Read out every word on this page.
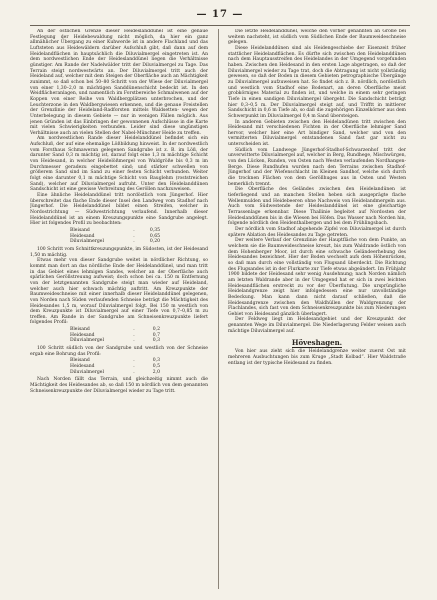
— 17 —

An der östlichen Grenze dieser Heideslanddünel ist eine genaue Festlegung der Heidebewaldung nicht möglich, da hier ein ganz allmählicher Übergang zu einer Kuhwerde ist in andere Flachland und das Luftsteten aus Heidewäldern darüber Aufschluß gibt, daß dann auf dem Heidelandflächen in hauptsächlich die Diluvialmergel eingetreten ist. An dem nordwestlichen Ende der Heideslanddünel liegen die Verhältnisse günstiger. Am Rande der Nadelwälder tritt der Diluvialmergel zu Tage. Das Terrain steigt nordwestwärts an. Der Diluvialmergel tritt auch der Heideland auf, welcher mit dem Steigen der Oberfläche auch an Mächtigkeit zunimmt, so daß schon bei 50–80 Schritt von der Wiese der Diluvialmergel von einer 1,30–2,0 m mächtigen Sanddünenschicht bedeckt ist. In den Weidflächeranlagen, und namentlich im Forstbereiche Schmalwenen auf der Koppen von einer Reihe von Waldbergplätzen unterbrochen, und der Leuchterzone in den Waldbergwiesen erkennen, und die genaue Freistellen der Grenzlinie der Heideland-Radforsten mittels Waldsetten- wegen der Unterbelegung in diesem Gebiete — nur in wenigen Fällen möglich. Aus jenen Gründen ist das Einbringen der gewonnenen Aufschlüsse in die Karte mit vielen Schwierigkeiten verbunden. Leider sind diese ungünstigen Verhältnisse auch an vielen Stellen der Nabel-Münchner Heide zu treffen.

Am nordwestlichen Rande dieser Heidelanddünel befindet sich ein Aufschluß, der auf eine ehemalige Lößbildung hinweist. In der nordwestlich vom Forsthaus Schmaweran gelegenen Sandgrube ist z. B. im Löß, der darunter Sand 0,3 m mächtig ist, darauf folgt eine 1,3 m mächtige Schicht von Heidesand, in welcher Heidelößmergel von Waldgröße bis 0,3 m im Durchmesser geradezu eingebettet sind; und stärker schwellen von größerem Sand sind im Sand zu einer festen Schicht verbunden. Weiter folgt eine darunter 0,1 m mächtige Schicht von Bauglehm (roststreichen Sand), welcher auf Diluvialmergel aufruht. Unter den Heidelanddünen Sandschicht ist eine gewisse Verbreitung des Geröllen nachzuweisen.

Eine ähnliche Heidelanddünel tritt nordöstlich vom Jüngerhof. Hier überschreitet das flache Ende dieser Insel den Landweg vom Stadhof nach Jüngerhof. Die Heidelanddünel bildet einen Streifen, welcher in Nordostrichtung — Südwestrichtung verlaufend. Innerhalb dieser Heidelanddünel ist an einem Kreuzungspunkte eine Sandgrube angelegt. Hier ist folgendes Profil zu beobachten:

Bleisand	.	0,35
Heidesand	.	0,65
Diluvialmergel	.	0,20

100 Schritt vom Schnittkreuzungspunkte, im Südosten, ist der Heidesand 1,50 m mächtig.

Etwas mehr von dieser Sandgrube weitet in nördlicher Richtung, so kommt man dort an das nördliche Ende der Heidelanddünel, und man tritt in das Gebiet eines lehmigen Sandes, welcher an der Oberfläche auch spärlichen Geröllstreuung aufweist; doch schon bei ca. 150 m Entfernung von der letztgenannten Sandgrube steigt man wieder auf Heideland, welcher auch hier schwach mächtig auftritt. Am Kreuzpunkte der Baumweideschneise mit einer innerhalb dieser Heidelanddünel gelegenen, von Norden nach Süden verlaufenden Schneise beträgt die Mächtigkeit des Heidesandes 1,5 m, worauf Diluvialmergel folgt. Bei 150 m westlich von dem Kreuzpunkte ist Diluvialmergel auf einer Tiefe von 0,7–0,85 m zu treffen. Am Rande in der Sandgrube am Schneisenkreuzpunkte liefert folgendes Profil:

Bleisand	.	0,2
Heidesand	.	0,7
Diluvialmergel	.	0,3

100 Schritt südlich von der Sandgrube und westlich von der Schneise ergab eine Bohrung das Profil:

Bleisand	.	0,3
Heidesand	.	0,5
Diluvialmergel	.	2,0

Nach Norden fällt das Terrain, und gleichzeitig nimmt auch die Mächtigkeit des Heidesandes ab, so daß 150 m nördlich von dem genannten Schneisenkreuzpunkte der Diluvialmergel wieder zu Tage tritt.

Die letzte Heidelanddünel, welche den vorher genannten an Größe bei weitem nachsteht, ist südlich vom Südlichen Ende der Baumweideschneise gelegen.

Diese Heidelanddünen sind als Heidengeschiebe der Eisenzeit früher stattlicher Heidelandflächen. Es dürfte sich zwischen den Heidelanddünen nach dem Hauptausstreifen des Heidelandes in der Umgegend vorgefunden haben. Zwischen den Heidesand in den ersten Lage abgetragen, so daß der Diluvialmergel wieder zu Tage trat, doch die Abtragung ist nicht vollständig gewesen, so daß der Boden in diesem Gebieten petrographische Übergänge zu Diluvialmergel aufzuweisen hat. So findet sich z. B. nördlich, nordöstlich und westlich vom Stadhof eine Bodenart, an deren Oberfläche meist grobkörniges Material zu finden ist, und welche in einem sehr geringen Tiefe in einen sandigen Diluvialmergel übergeht. Die Sandschicht beträgt hier 0,3–0,5 m. Der Diluvialmergel steigt auf, und Trifftt in mittlerer Sandschicht in 0,6 m Tiefe ab, so daß die zugehörigen Einzelkörner aus dem Schwerpunkt im Diluvialmergel 0,4 m Sand übersteigen.

In anderen Gebieten zwischen den Heidelandünen tritt zwischen den Heidesand mit verschiedenen Fichten in der Oberfläche lehmiger Sand hervor, welcher hier eine Art bindiger Sand, welcher und von den vermitterten Diluvialmergel entstandenen Sand fast gar nicht zu unterscheiden ist.

Südlich vom Landwege Jüngerhof-Stadhof-Schwarzenhof tritt der unverwitterte Diluvialmergel auf, welcher in Berg, Rundhege, Mischwürgen, von den Lücken, Runden, von Osten nach Westen verlaufenden Nordhangen-Berge. Diese Rundhufen wurden nach den Terrains zwischen Stadhof-Jüngerhof und der Wiefenschlacht im Kleinen Sandhof, welche sich durch die trocknen Flächen von dem Geröllhuges aus in Osten und Westen bemerklich trennt.

Die Oberfläche des Geländes zwischen den Heidelandünen ist tieferliegend und an manchen Stellen heben sich ausgeprägte flache Wellenmulden und Heidebeeren ohne Nachweis von Heidelandmergeln aus. Auch vom Südwestende der Heideslanddünel ist eine gleichartige Terrassenlage erkennbar. Diese Thallinie begleitet auf Nordosten der Heideslanddünen bis in die Wiesen bei Höfen. Das Wasser nach Norden hin, folgende nördlich den Heidenthalbergen und bei dem Frühlingsbach.

Der nördlich vom Stadhof abgehende Zipfel von Diluvialmergel ist durch spätere Ablation des Heidesandes zu Tage getreten.

Der weitere Verlauf der Grenzlinie der Hauptfläche von dem Punkte, an welchem sie die Baumweideschneise kreuzt, bis zum Waldrande östlich von dem Hohenberger Moor, ist durch eine schwache Geländeerhebung des Heidesandes bezeichnet. Hier der Boden wechselt aufs dem Höhenrücken, so daß man durch eine vollständig von Flugsand überdeckt. Die Richtung des Flugsandes ist in der Flurkarte zur Tiefe etwas abgeändert. Im Frühjahr 1900 bildete der Heidesand sehr wenig Ausdehnung; nach Norden nämlich am letzten Waldrande aber in der Umgegend hat er sich in zwei leichten Heidesandflächen erstreckt zu vor der Überflutung. Die ursprüngliche Heidelandgrenze zeigt hier infolgedessen eine nur unvollständige Bedeckung. Man kann dann nicht darauf schließen, daß die Heidesandgrenze zwischen den Waldhüllen der Waldgrenzung der Flachlandes, sich fast von dem Schneisenkreuzpunkte bis zum Niederungen Gebiet von Heidesand gänzlich überlagert.

Der Feldweg liegt im Heidesandgebiet und der Kreuzpunkt der genannten Wege im Diluvialmergel. Die Niederlagerung Felder weisen auch mächtige Diluvialmergel auf.

Höveshagen.

Von hier aus zieht sich die Heidelandgrenze weiter zuerst Ost mit mehreren Ausbuchtungen bis zum Kruge „Stadt Kolbad“. Hier Waldstraße entlang ist der typische Heidesand zu finden.
